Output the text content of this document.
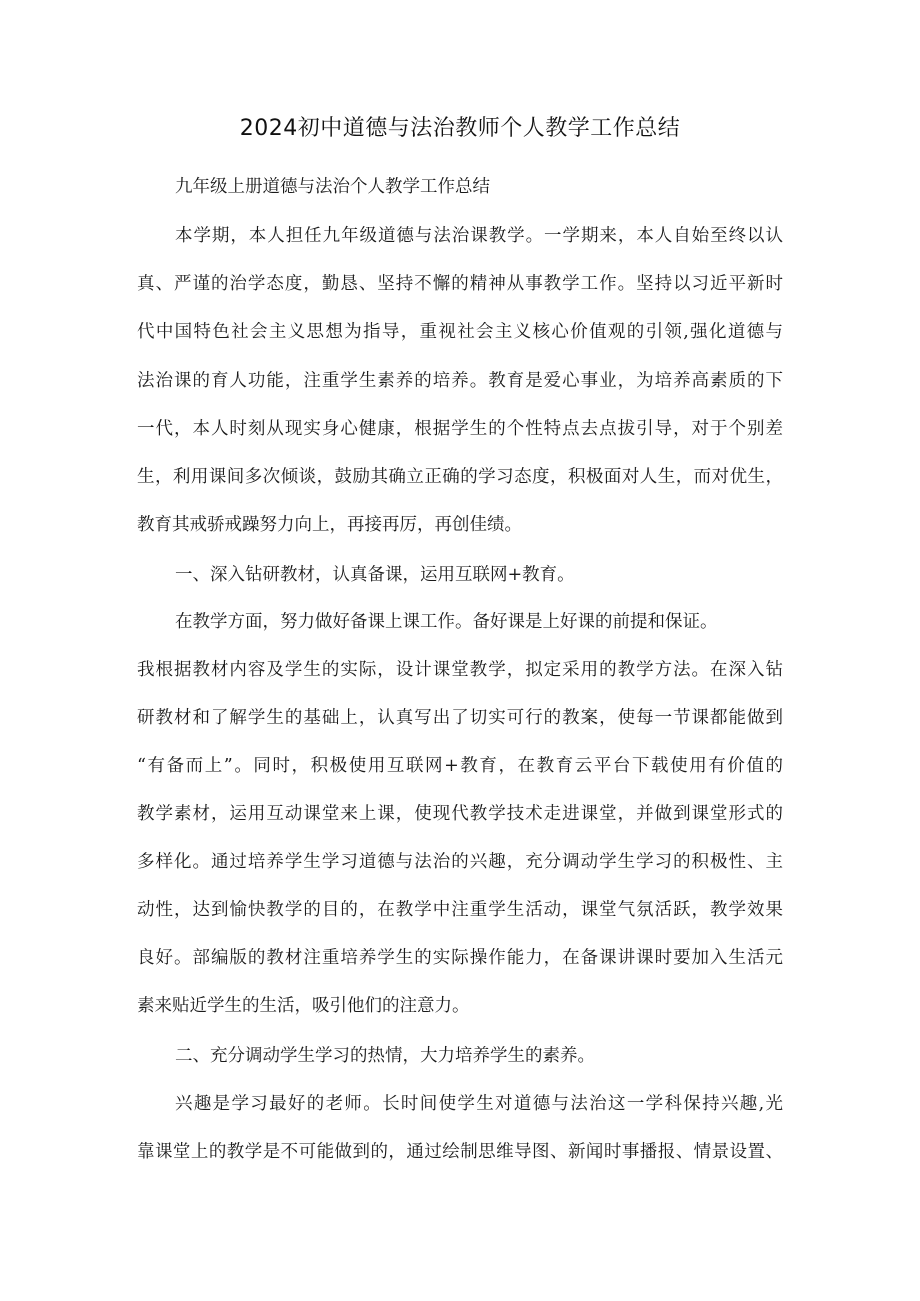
2024初中道德与法治教师个人教学工作总结

九年级上册道德与法治个人教学工作总结

本学期，本人担任九年级道德与法治课教学。一学期来，本人自始至终以认

真、严谨的治学态度，勤恳、坚持不懈的精神从事教学工作。坚持以习近平新时

代中国特色社会主义思想为指导，重视社会主义核心价值观的引领,强化道德与

法治课的育人功能，注重学生素养的培养。教育是爱心事业，为培养高素质的下

一代，本人时刻从现实身心健康，根据学生的个性特点去点拔引导，对于个别差

生，利用课间多次倾谈，鼓励其确立正确的学习态度，积极面对人生，而对优生，

教育其戒骄戒躁努力向上，再接再厉，再创佳绩。

一、深入钻研教材，认真备课，运用互联网+教育。

在教学方面，努力做好备课上课工作。备好课是上好课的前提和保证。

我根据教材内容及学生的实际，设计课堂教学，拟定采用的教学方法。在深入钻

研教材和了解学生的基础上，认真写出了切实可行的教案，使每一节课都能做到

“有备而上”。同时，积极使用互联网+教育，在教育云平台下载使用有价值的

教学素材，运用互动课堂来上课，使现代教学技术走进课堂，并做到课堂形式的

多样化。通过培养学生学习道德与法治的兴趣，充分调动学生学习的积极性、主

动性，达到愉快教学的目的，在教学中注重学生活动，课堂气氛活跃，教学效果

良好。部编版的教材注重培养学生的实际操作能力，在备课讲课时要加入生活元

素来贴近学生的生活，吸引他们的注意力。

二、充分调动学生学习的热情，大力培养学生的素养。

兴趣是学习最好的老师。长时间使学生对道德与法治这一学科保持兴趣,光

靠课堂上的教学是不可能做到的，通过绘制思维导图、新闻时事播报、情景设置、
